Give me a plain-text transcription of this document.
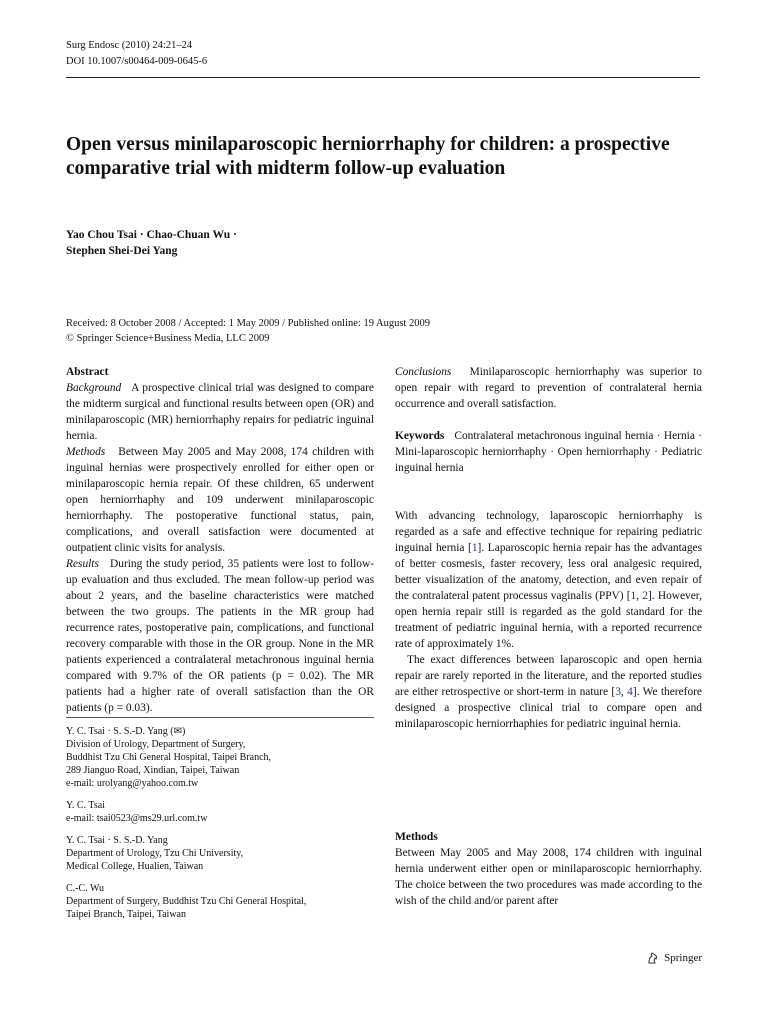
Surg Endosc (2010) 24:21–24
DOI 10.1007/s00464-009-0645-6
Open versus minilaparoscopic herniorrhaphy for children: a prospective comparative trial with midterm follow-up evaluation
Yao Chou Tsai · Chao-Chuan Wu ·
Stephen Shei-Dei Yang
Received: 8 October 2008 / Accepted: 1 May 2009 / Published online: 19 August 2009
© Springer Science+Business Media, LLC 2009

Abstract

Background A prospective clinical trial was designed to compare the midterm surgical and functional results between open (OR) and minilaparoscopic (MR) herniorrhaphy repairs for pediatric inguinal hernia.

Methods Between May 2005 and May 2008, 174 children with inguinal hernias were prospectively enrolled for either open or minilaparoscopic hernia repair. Of these children, 65 underwent open herniorrhaphy and 109 underwent minilaparoscopic herniorrhaphy. The postoperative functional status, pain, complications, and overall satisfaction were documented at outpatient clinic visits for analysis.

Results During the study period, 35 patients were lost to follow-up evaluation and thus excluded. The mean follow-up period was about 2 years, and the baseline characteristics were matched between the two groups. The patients in the MR group had recurrence rates, postoperative pain, complications, and functional recovery comparable with those in the OR group. None in the MR patients experienced a contralateral metachronous inguinal hernia compared with 9.7% of the OR patients (p = 0.02). The MR patients had a higher rate of overall satisfaction than the OR patients (p = 0.03).

Y. C. Tsai · S. S.-D. Yang (✉)
Division of Urology, Department of Surgery,
Buddhist Tzu Chi General Hospital, Taipei Branch,
289 Jianguo Road, Xindian, Taipei, Taiwan
e-mail: urolyang@yahoo.com.tw
Y. C. Tsai
e-mail: tsai0523@ms29.url.com.tw
Y. C. Tsai · S. S.-D. Yang
Department of Urology, Tzu Chi University,
Medical College, Hualien, Taiwan
C.-C. Wu
Department of Surgery, Buddhist Tzu Chi General Hospital,
Taipei Branch, Taipei, Taiwan

Conclusions Minilaparoscopic herniorrhaphy was superior to open repair with regard to prevention of contralateral hernia occurrence and overall satisfaction.

Keywords Contralateral metachronous inguinal hernia · Hernia · Mini-laparoscopic herniorrhaphy · Open herniorrhaphy · Pediatric inguinal hernia

With advancing technology, laparoscopic herniorrhaphy is regarded as a safe and effective technique for repairing pediatric inguinal hernia [1]. Laparoscopic hernia repair has the advantages of better cosmesis, faster recovery, less oral analgesic required, better visualization of the anatomy, detection, and even repair of the contralateral patent processus vaginalis (PPV) [1, 2]. However, open hernia repair still is regarded as the gold standard for the treatment of pediatric inguinal hernia, with a reported recurrence rate of approximately 1%.

The exact differences between laparoscopic and open hernia repair are rarely reported in the literature, and the reported studies are either retrospective or short-term in nature [3, 4]. We therefore designed a prospective clinical trial to compare open and minilaparoscopic herniorrhaphies for pediatric inguinal hernia.

Methods

Between May 2005 and May 2008, 174 children with inguinal hernia underwent either open or minilaparoscopic herniorrhaphy. The choice between the two procedures was made according to the wish of the child and/or parent after

Springer
